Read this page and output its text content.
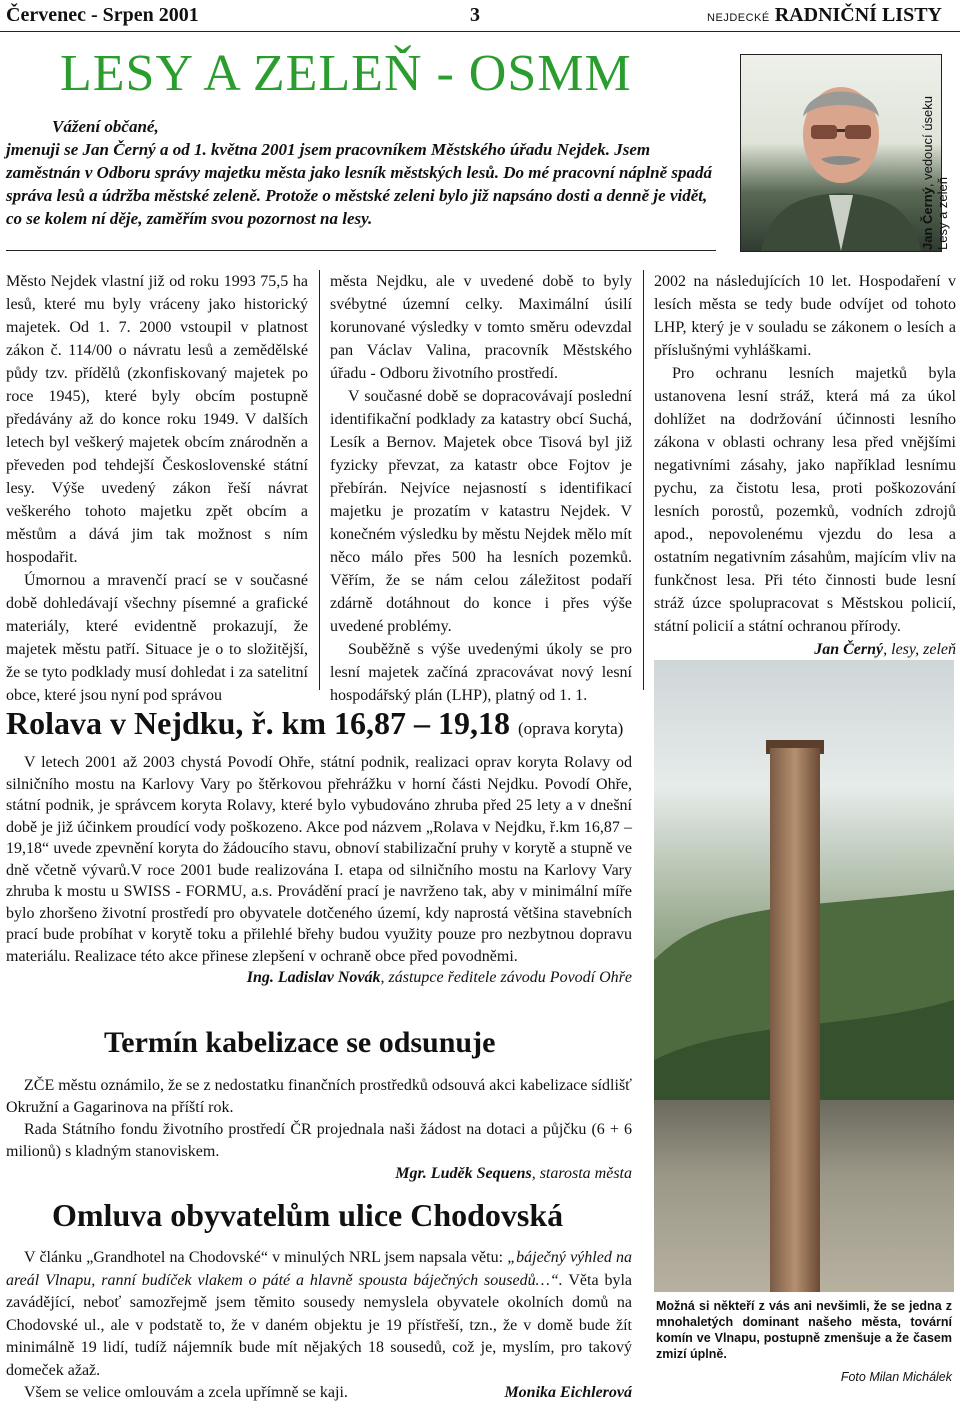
Červenec - Srpen 2001	3	NEJDECKÉ RADNIČNÍ LISTY
LESY A ZELEŇ - OSMM

Vážení občané,

jmenuji se Jan Černý a od 1. května 2001 jsem pracovníkem Městského úřadu Nejdek. Jsem zaměstnán v Odboru správy majetku města jako lesník městských lesů. Do mé pracovní náplně spadá správa lesů a údržba městské zeleně. Protože o městské zeleni bylo již napsáno dosti a denně je vidět, co se kolem ní děje, zaměřím svou pozornost na lesy.	Jan Černý, vedoucí úseku
Lesy a zeleň

Město Nejdek vlastní již od roku 1993 75,5 ha lesů, které mu byly vráceny jako historický majetek. Od 1. 7. 2000 vstoupil v platnost zákon č. 114/00 o návratu lesů a zemědělské půdy tzv. přídělů (zkonfiskovaný majetek po roce 1945), které byly obcím postupně předávány až do konce roku 1949. V dalších letech byl veškerý majetek obcím znárodněn a převeden pod tehdejší Československé státní lesy. Výše uvedený zákon řeší návrat veškerého tohoto majetku zpět obcím a městům a dává jim tak možnost s ním hospodařit.

Úmornou a mravenčí prací se v současné době dohledávají všechny písemné a grafické materiály, které evidentně prokazují, že majetek městu patří. Situace je o to složitější, že se tyto podklady musí dohledat i za satelitní obce, které jsou nyní pod správou

města Nejdku, ale v uvedené době to byly svébytné územní celky. Maximální úsilí korunované výsledky v tomto směru odevzdal pan Václav Valina, pracovník Městského úřadu - Odboru životního prostředí.

V současné době se dopracovávají poslední identifikační podklady za katastry obcí Suchá, Lesík a Bernov. Majetek obce Tisová byl již fyzicky převzat, za katastr obce Fojtov je přebírán. Nejvíce nejasností s identifikací majetku je prozatím v katastru Nejdek. V konečném výsledku by městu Nejdek mělo mít něco málo přes 500 ha lesních pozemků. Věřím, že se nám celou záležitost podaří zdárně dotáhnout do konce i přes výše uvedené problémy.

Souběžně s výše uvedenými úkoly se pro lesní majetek začíná zpracovávat nový lesní hospodářský plán (LHP), platný od 1. 1.

2002 na následujících 10 let. Hospodaření v lesích města se tedy bude odvíjet od tohoto LHP, který je v souladu se zákonem o lesích a příslušnými vyhláškami.

Pro ochranu lesních majetků byla ustanovena lesní stráž, která má za úkol dohlížet na dodržování účinnosti lesního zákona v oblasti ochrany lesa před vnějšími negativními zásahy, jako například lesnímu pychu, za čistotu lesa, proti poškozování lesních porostů, pozemků, vodních zdrojů apod., nepovolenému vjezdu do lesa a ostatním negativním zásahům, majícím vliv na funkčnost lesa. Při této činnosti bude lesní stráž úzce spolupracovat s Městskou policií, státní policií a státní ochranou přírody.

Jan Černý, lesy, zeleň
Rolava v Nejdku, ř. km 16,87 – 19,18 (oprava koryta)

V letech 2001 až 2003 chystá Povodí Ohře, státní podnik, realizaci oprav koryta Rolavy od silničního mostu na Karlovy Vary po štěrkovou přehrážku v horní části Nejdku. Povodí Ohře, státní podnik, je správcem koryta Rolavy, které bylo vybudováno zhruba před 25 lety a v dnešní době je již účinkem proudící vody poškozeno. Akce pod názvem „Rolava v Nejdku, ř.km 16,87 – 19,18“ uvede zpevnění koryta do žádoucího stavu, obnoví stabilizační pruhy v korytě a stupně ve dně včetně vývarů.V roce 2001 bude realizována I. etapa od silničního mostu na Karlovy Vary zhruba k mostu u SWISS - FORMU, a.s. Provádění prací je navrženo tak, aby v minimální míře bylo zhoršeno životní prostředí pro obyvatele dotčeného území, kdy naprostá většina stavebních prací bude probíhat v korytě toku a přilehlé břehy budou využity pouze pro nezbytnou dopravu materiálu. Realizace této akce přinese zlepšení v ochraně obce před povodněmi.

Ing. Ladislav Novák, zástupce ředitele závodu Povodí Ohře
Termín kabelizace se odsunuje

ZČE městu oznámilo, že se z nedostatku finančních prostředků odsouvá akci kabelizace sídlišť Okružní a Gagarinova na příští rok.

Rada Státního fondu životního prostředí ČR projednala naši žádost na dotaci a půjčku (6 + 6 milionů) s kladným stanoviskem.

Mgr. Luděk Sequens, starosta města
Omluva obyvatelům ulice Chodovská

V článku „Grandhotel na Chodovské“ v minulých NRL jsem napsala větu: „báječný výhled na areál Vlnapu, ranní budíček vlakem o páté a hlavně spousta báječných sousedů…“. Věta byla zavádějící, neboť samozřejmě jsem těmito sousedy nemyslela obyvatele okolních domů na Chodovské ul., ale v podstatě to, že v daném objektu je 19 přístřeší, tzn., že v domě bude žít minimálně 19 lidí, tudíž nájemník bude mít nějakých 18 sousedů, což je, myslím, pro takový domeček ažaž.

Všem se velice omlouvám a zcela upřímně se kaji.	Monika Eichlerová

Možná si někteří z vás ani nevšimli, že se jedna z mnohaletých dominant našeho města, tovární komín ve Vlnapu, postupně zmenšuje a že časem zmizí úplně.
Foto Milan Michálek
